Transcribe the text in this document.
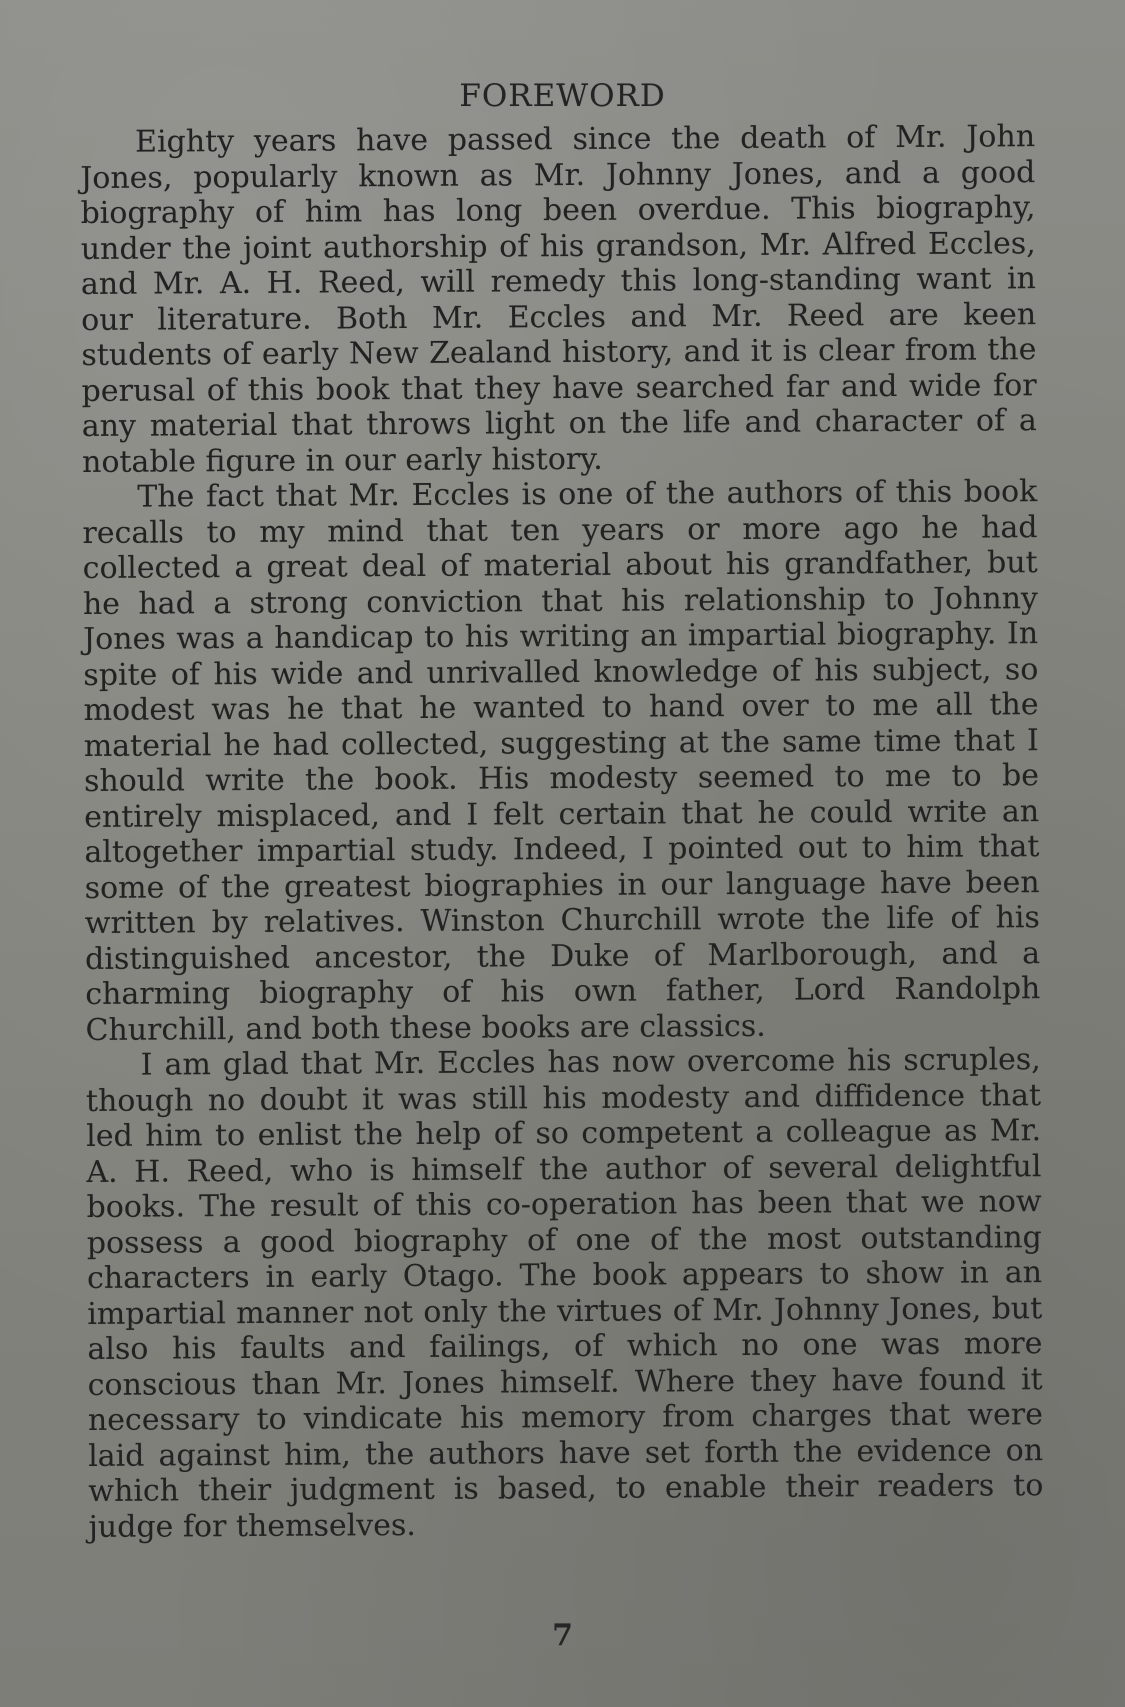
FOREWORD

Eighty years have passed since the death of Mr. John Jones, popularly known as Mr. Johnny Jones, and a good biography of him has long been overdue. This biography, under the joint authorship of his grandson, Mr. Alfred Eccles, and Mr. A. H. Reed, will remedy this long-standing want in our literature. Both Mr. Eccles and Mr. Reed are keen students of early New Zealand history, and it is clear from the perusal of this book that they have searched far and wide for any material that throws light on the life and character of a notable figure in our early history.

The fact that Mr. Eccles is one of the authors of this book recalls to my mind that ten years or more ago he had collected a great deal of material about his grandfather, but he had a strong conviction that his relationship to Johnny Jones was a handicap to his writing an impartial biography. In spite of his wide and unrivalled knowledge of his subject, so modest was he that he wanted to hand over to me all the material he had collected, suggesting at the same time that I should write the book. His modesty seemed to me to be entirely misplaced, and I felt certain that he could write an altogether impartial study. Indeed, I pointed out to him that some of the greatest biographies in our language have been written by relatives. Winston Churchill wrote the life of his distinguished ancestor, the Duke of Marlborough, and a charming biography of his own father, Lord Randolph Churchill, and both these books are classics.

I am glad that Mr. Eccles has now overcome his scruples, though no doubt it was still his modesty and diffidence that led him to enlist the help of so competent a colleague as Mr. A. H. Reed, who is himself the author of several delightful books. The result of this co-operation has been that we now possess a good biography of one of the most outstanding characters in early Otago. The book appears to show in an impartial manner not only the virtues of Mr. Johnny Jones, but also his faults and failings, of which no one was more conscious than Mr. Jones himself. Where they have found it necessary to vindicate his memory from charges that were laid against him, the authors have set forth the evidence on which their judgment is based, to enable their readers to judge for themselves.

7
